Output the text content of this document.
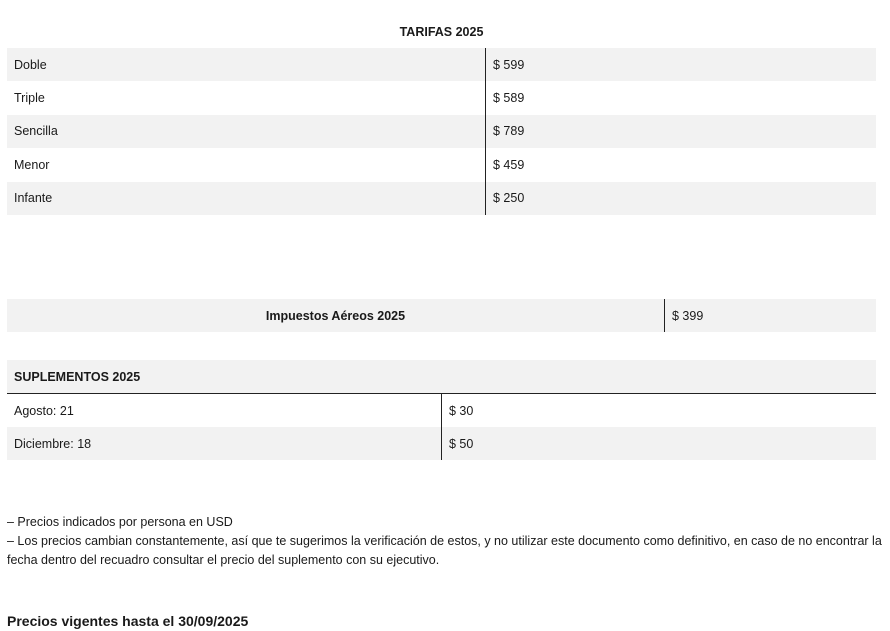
TARIFAS 2025
Doble	$ 599
Triple	$ 589
Sencilla	$ 789
Menor	$ 459
Infante	$ 250
Impuestos Aéreos 2025	$ 399
SUPLEMENTOS 2025	
Agosto: 21	$ 30
Diciembre: 18	$ 50
– Precios indicados por persona en USD
– Los precios cambian constantemente, así que te sugerimos la verificación de estos, y no utilizar este documento como definitivo, en caso de no encontrar la fecha dentro del recuadro consultar el precio del suplemento con su ejecutivo.
Precios vigentes hasta el 30/09/2025
